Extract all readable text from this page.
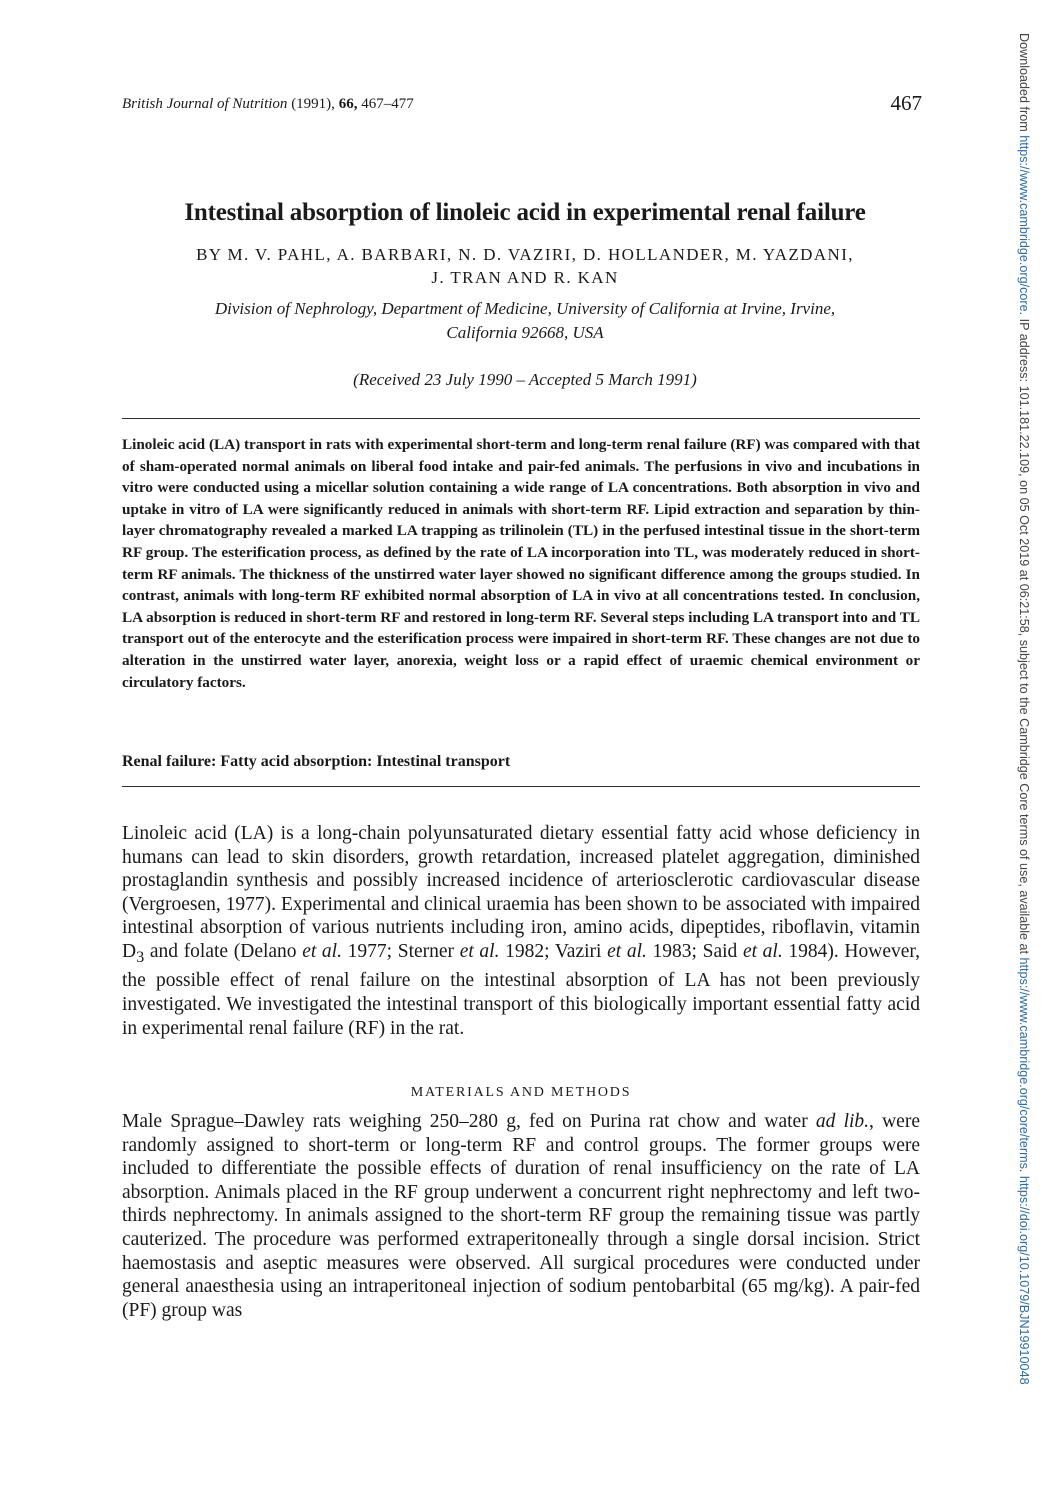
British Journal of Nutrition (1991), 66, 467–477	467
Intestinal absorption of linoleic acid in experimental renal failure
BY M. V. PAHL, A. BARBARI, N. D. VAZIRI, D. HOLLANDER, M. YAZDANI,
J. TRAN AND R. KAN
Division of Nephrology, Department of Medicine, University of California at Irvine, Irvine,
California 92668, USA
(Received 23 July 1990 – Accepted 5 March 1991)

Linoleic acid (LA) transport in rats with experimental short-term and long-term renal failure (RF) was compared with that of sham-operated normal animals on liberal food intake and pair-fed animals. The perfusions in vivo and incubations in vitro were conducted using a micellar solution containing a wide range of LA concentrations. Both absorption in vivo and uptake in vitro of LA were significantly reduced in animals with short-term RF. Lipid extraction and separation by thin-layer chromatography revealed a marked LA trapping as trilinolein (TL) in the perfused intestinal tissue in the short-term RF group. The esterification process, as defined by the rate of LA incorporation into TL, was moderately reduced in short-term RF animals. The thickness of the unstirred water layer showed no significant difference among the groups studied. In contrast, animals with long-term RF exhibited normal absorption of LA in vivo at all concentrations tested. In conclusion, LA absorption is reduced in short-term RF and restored in long-term RF. Several steps including LA transport into and TL transport out of the enterocyte and the esterification process were impaired in short-term RF. These changes are not due to alteration in the unstirred water layer, anorexia, weight loss or a rapid effect of uraemic chemical environment or circulatory factors.

Renal failure: Fatty acid absorption: Intestinal transport

Linoleic acid (LA) is a long-chain polyunsaturated dietary essential fatty acid whose deficiency in humans can lead to skin disorders, growth retardation, increased platelet aggregation, diminished prostaglandin synthesis and possibly increased incidence of arteriosclerotic cardiovascular disease (Vergroesen, 1977). Experimental and clinical uraemia has been shown to be associated with impaired intestinal absorption of various nutrients including iron, amino acids, dipeptides, riboflavin, vitamin $D_3$ and folate (Delano et al. 1977; Sterner et al. 1982; Vaziri et al. 1983; Said et al. 1984). However, the possible effect of renal failure on the intestinal absorption of LA has not been previously investigated. We investigated the intestinal transport of this biologically important essential fatty acid in experimental renal failure (RF) in the rat.

MATERIALS AND METHODS

Male Sprague–Dawley rats weighing 250–280 g, fed on Purina rat chow and water ad lib., were randomly assigned to short-term or long-term RF and control groups. The former groups were included to differentiate the possible effects of duration of renal insufficiency on the rate of LA absorption. Animals placed in the RF group underwent a concurrent right nephrectomy and left two-thirds nephrectomy. In animals assigned to the short-term RF group the remaining tissue was partly cauterized. The procedure was performed extraperitoneally through a single dorsal incision. Strict haemostasis and aseptic measures were observed. All surgical procedures were conducted under general anaesthesia using an intraperitoneal injection of sodium pentobarbital (65 mg/kg). A pair-fed (PF) group was

Downloaded from https://www.cambridge.org/core. IP address: 101.181.22.109, on 05 Oct 2019 at 06:21:58, subject to the Cambridge Core terms of use, available at https://www.cambridge.org/core/terms. https://doi.org/10.1079/BJN19910048
